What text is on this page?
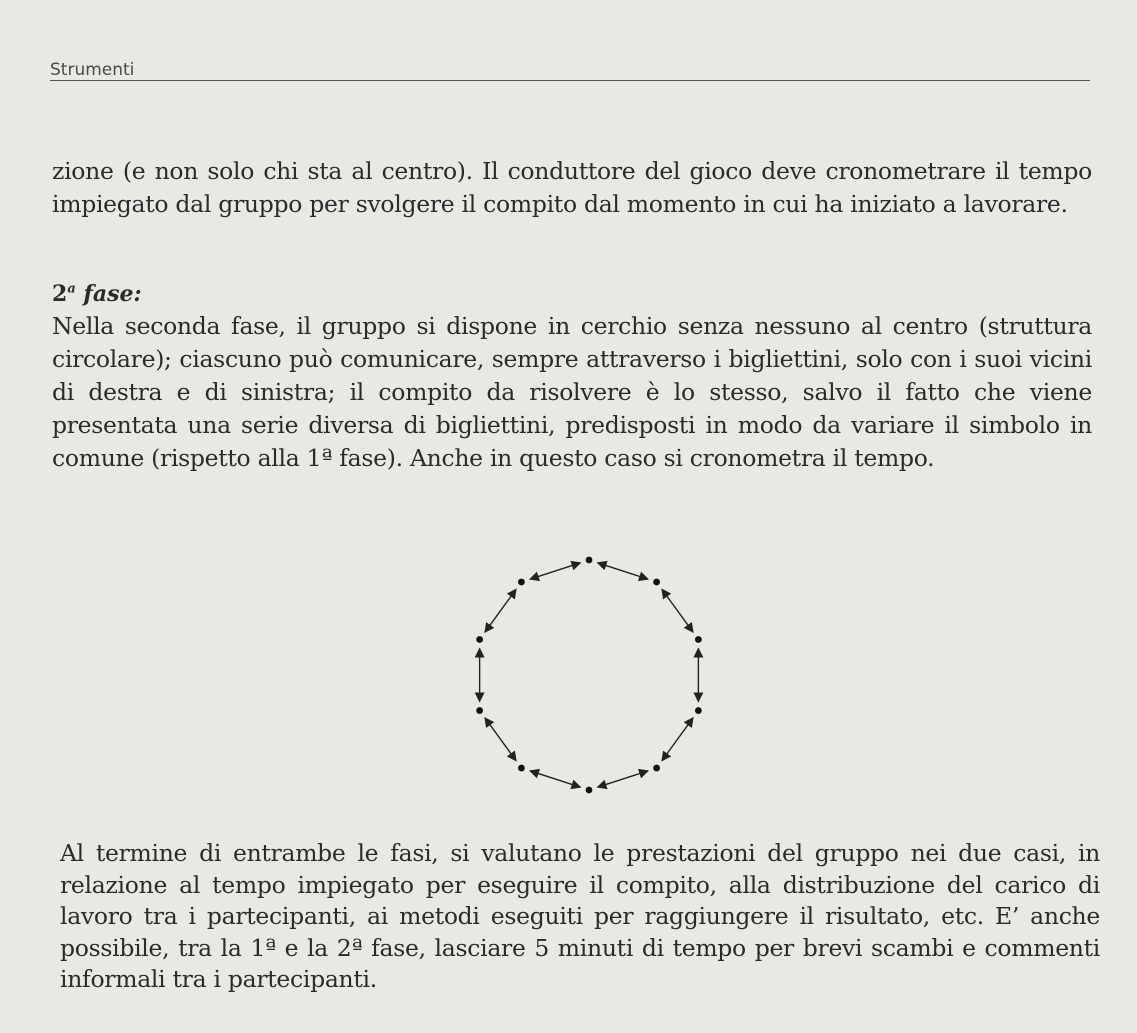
Strumenti

zione (e non solo chi sta al centro). Il conduttore del gioco deve cronometrare il tempo impiegato dal gruppo per svolgere il compito dal momento in cui ha iniziato a lavorare.

2$^a$ fase:

Nella seconda fase, il gruppo si dispone in cerchio senza nessuno al centro (struttura circolare); ciascuno può comunicare, sempre attraverso i bigliettini, solo con i suoi vicini di destra e di sinistra; il compito da risolvere è lo stesso, salvo il fatto che viene presentata una serie diversa di bigliettini, predisposti in modo da variare il simbolo in comune (rispetto alla 1ª fase). Anche in questo caso si cronometra il tempo.

Al termine di entrambe le fasi, si valutano le prestazioni del gruppo nei due casi, in relazione al tempo impiegato per eseguire il compito, alla distribuzione del carico di lavoro tra i partecipanti, ai metodi eseguiti per raggiungere il risultato, etc. E’ anche possibile, tra la 1ª e la 2ª fase, lasciare 5 minuti di tempo per brevi scambi e commenti informali tra i partecipanti.
